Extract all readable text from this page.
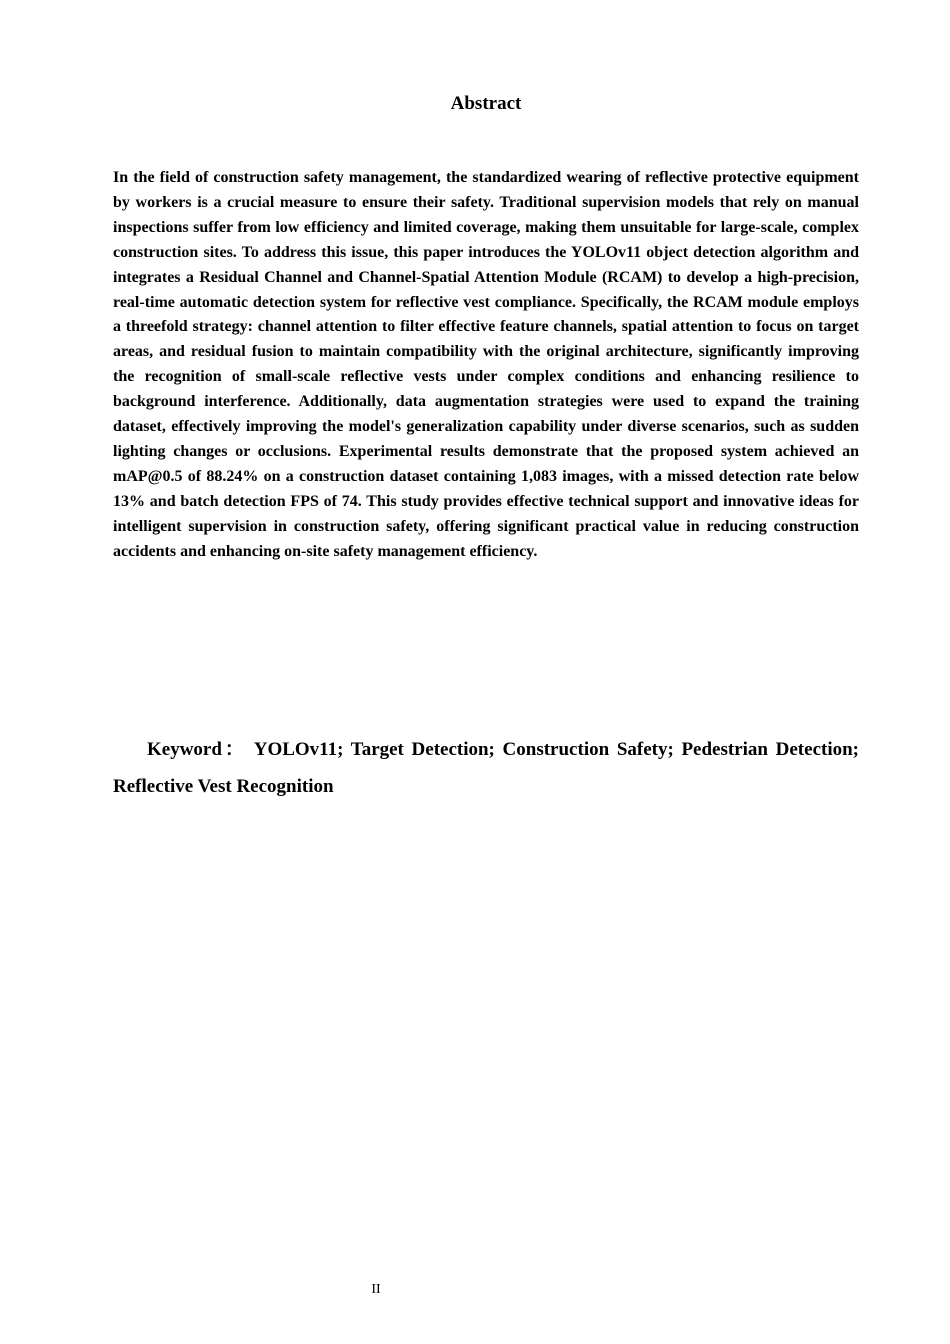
Abstract

In the field of construction safety management, the standardized wearing of reflective protective equipment by workers is a crucial measure to ensure their safety. Traditional supervision models that rely on manual inspections suffer from low efficiency and limited coverage, making them unsuitable for large-scale, complex construction sites. To address this issue, this paper introduces the YOLOv11 object detection algorithm and integrates a Residual Channel and Channel-Spatial Attention Module (RCAM) to develop a high-precision, real-time automatic detection system for reflective vest compliance. Specifically, the RCAM module employs a threefold strategy: channel attention to filter effective feature channels, spatial attention to focus on target areas, and residual fusion to maintain compatibility with the original architecture, significantly improving the recognition of small-scale reflective vests under complex conditions and enhancing resilience to background interference. Additionally, data augmentation strategies were used to expand the training dataset, effectively improving the model's generalization capability under diverse scenarios, such as sudden lighting changes or occlusions. Experimental results demonstrate that the proposed system achieved an mAP@0.5 of 88.24% on a construction dataset containing 1,083 images, with a missed detection rate below 13% and batch detection FPS of 74. This study provides effective technical support and innovative ideas for intelligent supervision in construction safety, offering significant practical value in reducing construction accidents and enhancing on-site safety management efficiency.

Keyword： YOLOv11; Target Detection; Construction Safety; Pedestrian Detection; Reflective Vest Recognition

II
